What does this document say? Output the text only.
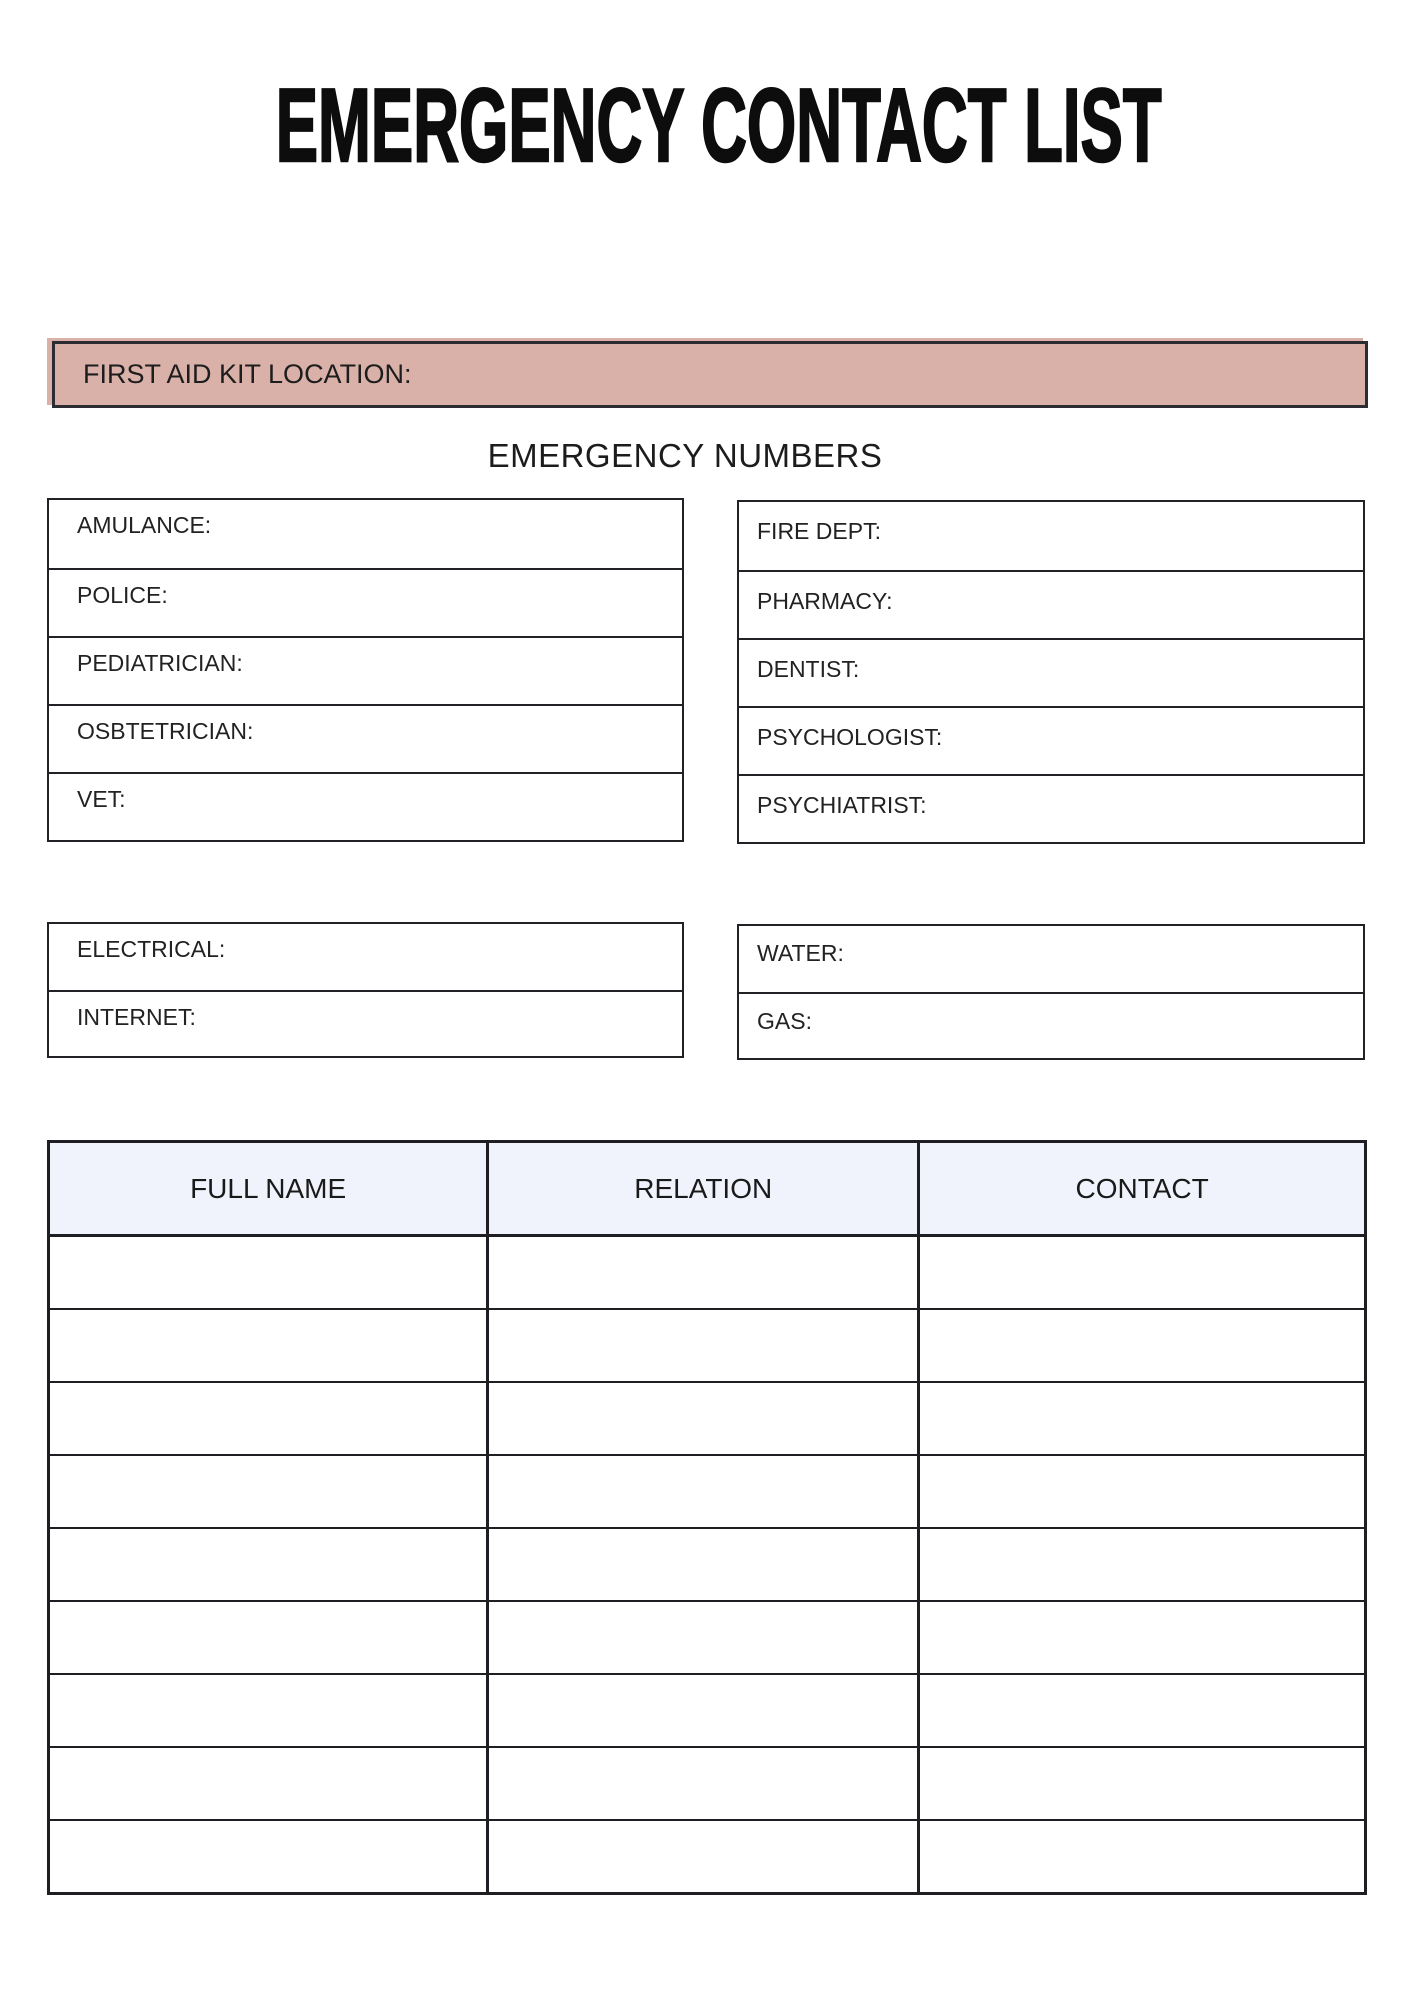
EMERGENCY CONTACT LIST
FIRST AID KIT LOCATION:
EMERGENCY NUMBERS
AMULANCE:
POLICE:
PEDIATRICIAN:
OSBTETRICIAN:
VET:
FIRE DEPT:
PHARMACY:
DENTIST:
PSYCHOLOGIST:
PSYCHIATRIST:
ELECTRICAL:
INTERNET:
WATER:
GAS:
FULL NAME	RELATION	CONTACT
